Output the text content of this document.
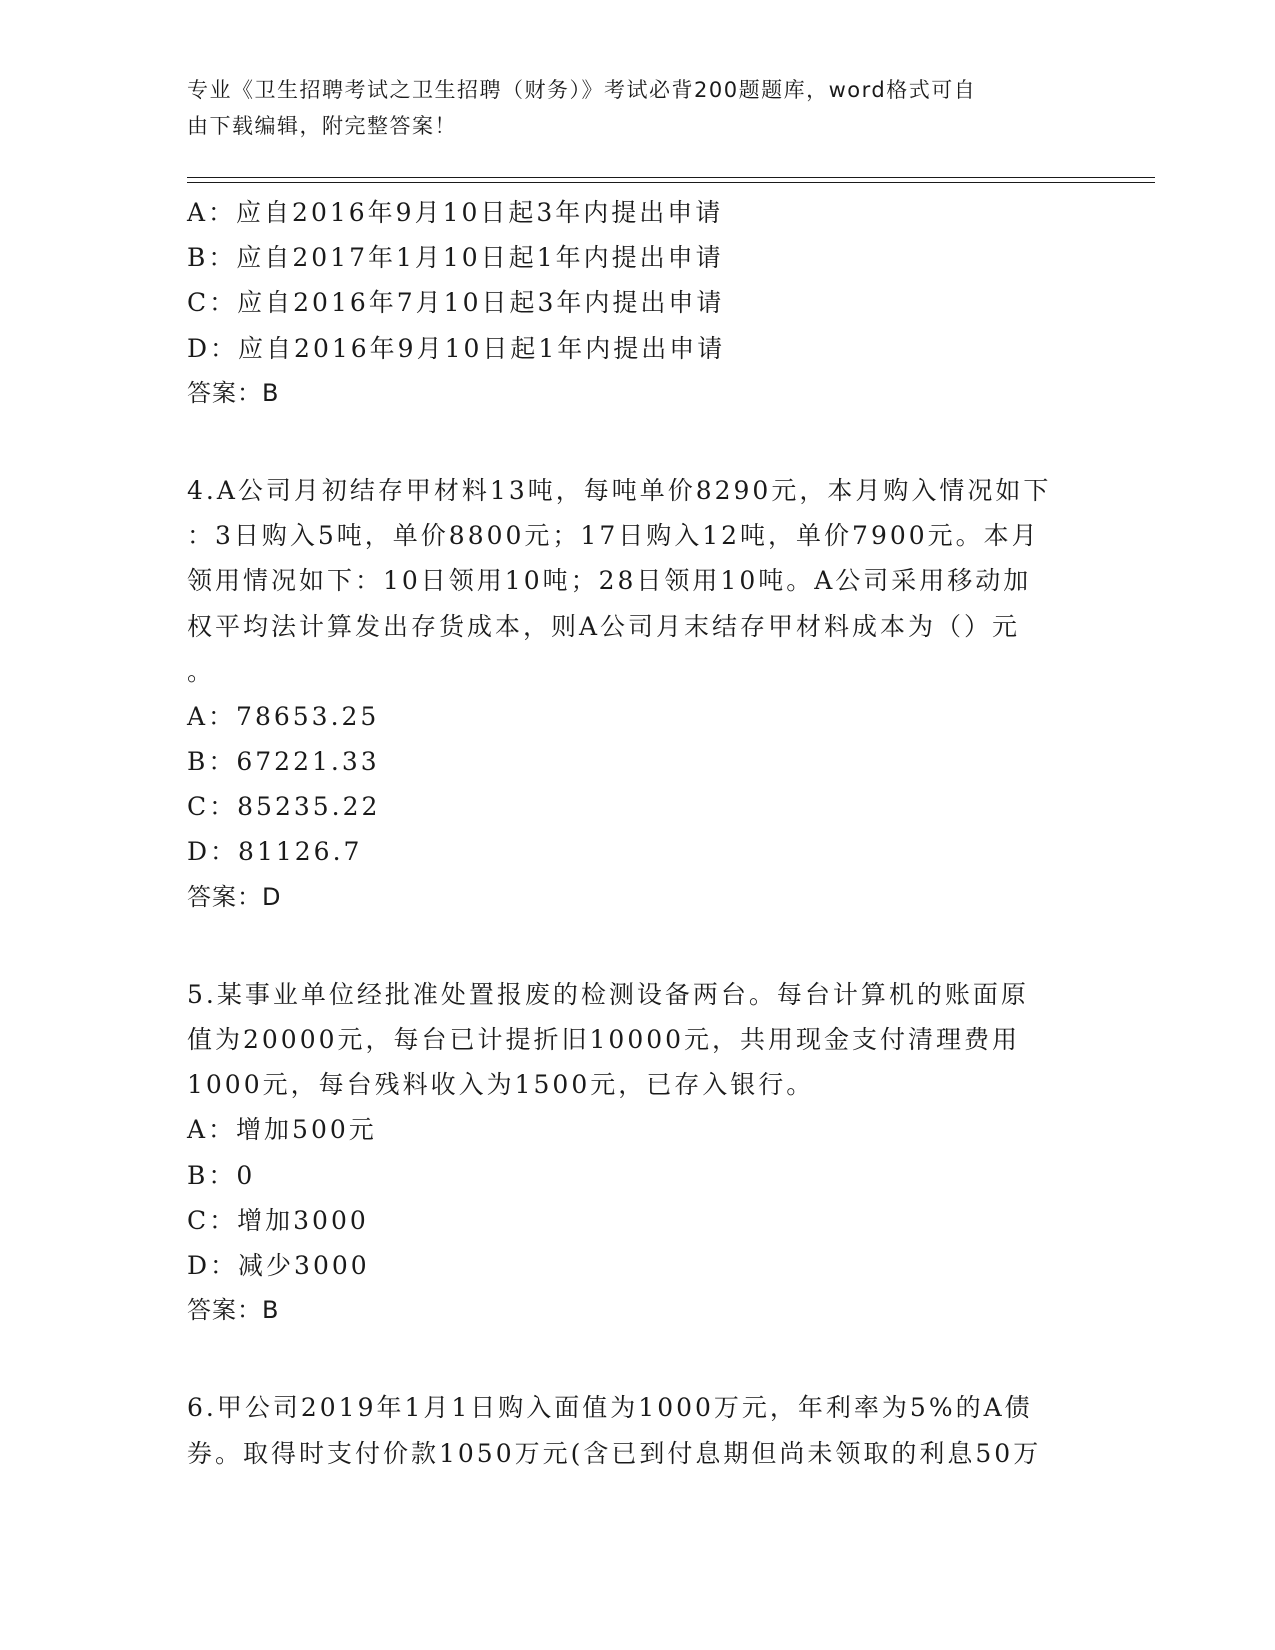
专业《卫生招聘考试之卫生招聘（财务）》考试必背200题题库，word格式可自
由下载编辑，附完整答案！
A：应自2016年9月10日起3年内提出申请
B：应自2017年1月10日起1年内提出申请
C：应自2016年7月10日起3年内提出申请
D：应自2016年9月10日起1年内提出申请
答案：B
4.A公司月初结存甲材料13吨，每吨单价8290元，本月购入情况如下
：3日购入5吨，单价8800元；17日购入12吨，单价7900元。本月
领用情况如下：10日领用10吨；28日领用10吨。A公司采用移动加
权平均法计算发出存货成本，则A公司月末结存甲材料成本为（）元
。
A：78653.25
B：67221.33
C：85235.22
D：81126.7
答案：D
5.某事业单位经批准处置报废的检测设备两台。每台计算机的账面原
值为20000元，每台已计提折旧10000元，共用现金支付清理费用
1000元，每台残料收入为1500元，已存入银行。
A：增加500元
B：0
C：增加3000
D：减少3000
答案：B
6.甲公司2019年1月1日购入面值为1000万元，年利率为5%的A债
券。取得时支付价款1050万元(含已到付息期但尚未领取的利息50万
